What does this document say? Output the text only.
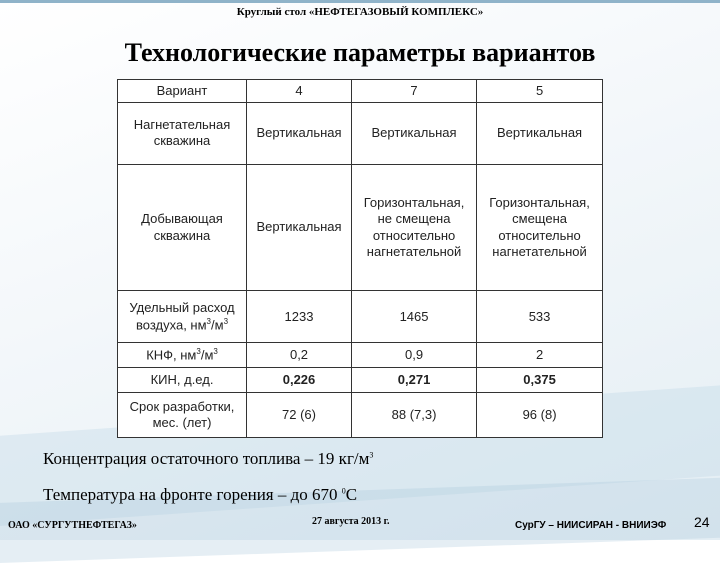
Круглый стол «НЕФТЕГАЗОВЫЙ КОМПЛЕКС»
Технологические параметры вариантов
Вариант	4	7	5
Нагнетательная скважина	Вертикальная	Вертикальная	Вертикальная
Добывающая скважина	Вертикальная	Горизонтальная, не смещена относительно нагнетательной	Горизонтальная, смещена относительно нагнетательной
Удельный расход воздуха, $нм^3/м^3$	1233	1465	533
КНФ, $нм^3/м^3$	0,2	0,9	2
КИН, д.ед.	0,226	0,271	0,375
Срок разработки, мес. (лет)	72 (6)	88 (7,3)	96 (8)
Концентрация остаточного топлива – 19 $кг/м^3$
Температура на фронте горения – до 670 $^0$С
ОАО «СУРГУТНЕФТЕГАЗ»	27 августа 2013 г.	СурГУ – НИИСИРАН - ВНИИЭФ 24
